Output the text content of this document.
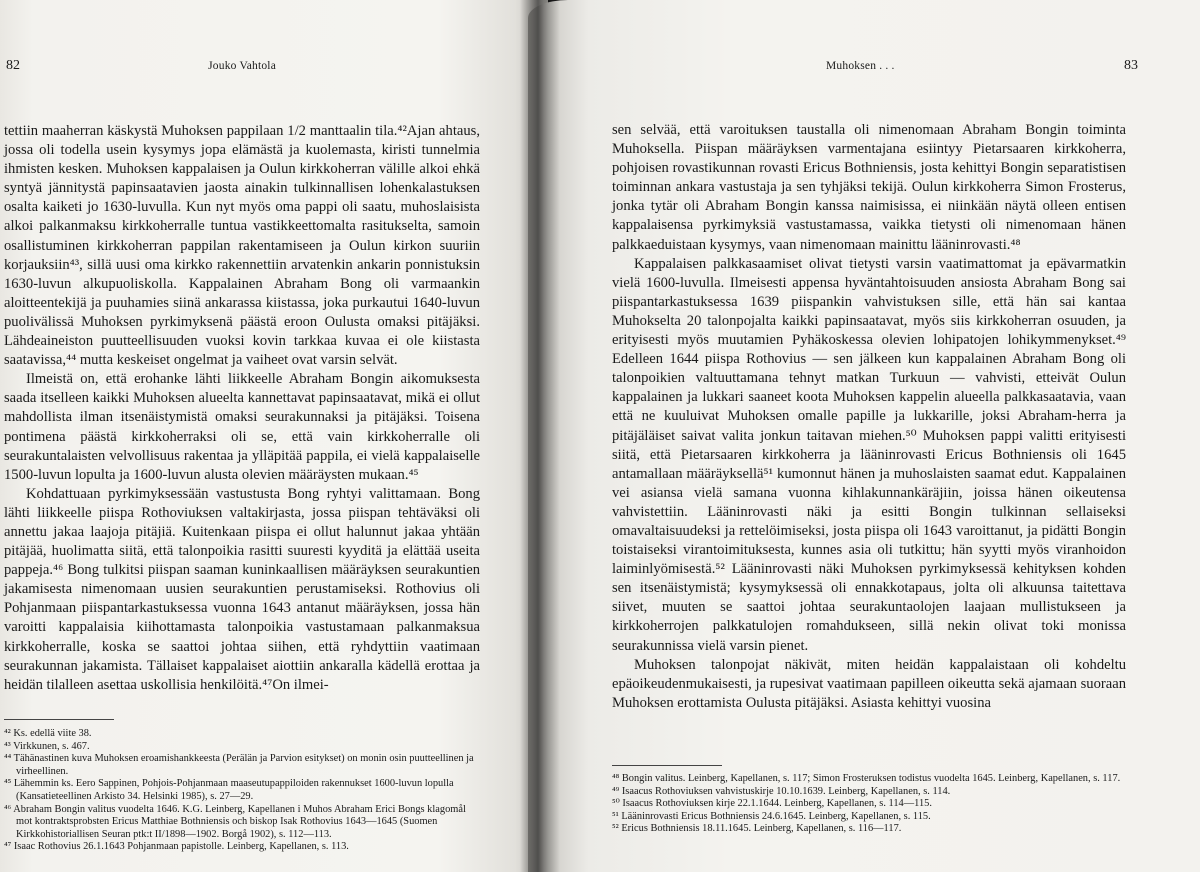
82	Jouko Vahtola

tettiin maaherran käskystä Muhoksen pappilaan 1/2 manttaalin tila.⁴²Ajan ahtaus, jossa oli todella usein kysymys jopa elämästä ja kuolemasta, kiristi tunnelmia ihmisten kesken. Muhoksen kappalaisen ja Oulun kirkkoherran välille alkoi ehkä syntyä jännitystä papinsaatavien jaosta ainakin tulkinnallisen lohenkalastuksen osalta kaiketi jo 1630-luvulla. Kun nyt myös oma pappi oli saatu, muhoslaisista alkoi palkanmaksu kirkkoherralle tuntua vastikkeettomalta rasitukselta, samoin osallistuminen kirkkoherran pappilan rakentamiseen ja Oulun kirkon suuriin korjauksiin⁴³, sillä uusi oma kirkko rakennettiin arvatenkin ankarin ponnistuksin 1630-luvun alkupuoliskolla. Kappalainen Abraham Bong oli varmaankin aloitteentekijä ja puuhamies siinä ankarassa kiistassa, joka purkautui 1640-luvun puolivälissä Muhoksen pyrkimyksenä päästä eroon Oulusta omaksi pitäjäksi. Lähdeaineiston puutteellisuuden vuoksi kovin tarkkaa kuvaa ei ole kiistasta saatavissa,⁴⁴ mutta keskeiset ongelmat ja vaiheet ovat varsin selvät.

Ilmeistä on, että erohanke lähti liikkeelle Abraham Bongin aikomuksesta saada itselleen kaikki Muhoksen alueelta kannettavat papinsaatavat, mikä ei ollut mahdollista ilman itsenäistymistä omaksi seurakunnaksi ja pitäjäksi. Toisena pontimena päästä kirkkoherraksi oli se, että vain kirkkoherralle oli seurakuntalaisten velvollisuus rakentaa ja ylläpitää pappila, ei vielä kappalaiselle 1500-luvun lopulta ja 1600-luvun alusta olevien määräysten mukaan.⁴⁵

Kohdattuaan pyrkimyksessään vastustusta Bong ryhtyi valittamaan. Bong lähti liikkeelle piispa Rothoviuksen valtakirjasta, jossa piispan tehtäväksi oli annettu jakaa laajoja pitäjiä. Kuitenkaan piispa ei ollut halunnut jakaa yhtään pitäjää, huolimatta siitä, että talonpoikia rasitti suuresti kyyditä ja elättää useita pappeja.⁴⁶ Bong tulkitsi piispan saaman kuninkaallisen määräyksen seurakuntien jakamisesta nimenomaan uusien seurakuntien perustamiseksi. Rothovius oli Pohjanmaan piispantarkastuksessa vuonna 1643 antanut määräyksen, jossa hän varoitti kappalaisia kiihottamasta talonpoikia vastustamaan palkanmaksua kirkkoherralle, koska se saattoi johtaa siihen, että ryhdyttiin vaatimaan seurakunnan jakamista. Tällaiset kappalaiset aiottiin ankaralla kädellä erottaa ja heidän tilalleen asettaa uskollisia henkilöitä.⁴⁷On ilmei-

⁴² Ks. edellä viite 38.

⁴³ Virkkunen, s. 467.

⁴⁴ Tähänastinen kuva Muhoksen eroamishankkeesta (Perälän ja Parvion esitykset) on monin osin puutteellinen ja virheellinen.

⁴⁵ Lähemmin ks. Eero Sappinen, Pohjois-Pohjanmaan maaseutupappiloiden rakennukset 1600-luvun lopulla (Kansatieteellinen Arkisto 34. Helsinki 1985), s. 27—29.

⁴⁶ Abraham Bongin valitus vuodelta 1646. K.G. Leinberg, Kapellanen i Muhos Abraham Erici Bongs klagomål mot kontraktsprobsten Ericus Matthiae Bothniensis och biskop Isak Rothovius 1643—1645 (Suomen Kirkkohistoriallisen Seuran ptk:t II/1898—1902. Borgå 1902), s. 112—113.

⁴⁷ Isaac Rothovius 26.1.1643 Pohjanmaan papistolle. Leinberg, Kapellanen, s. 113.

Muhoksen . . .	83

sen selvää, että varoituksen taustalla oli nimenomaan Abraham Bongin toiminta Muhoksella. Piispan määräyksen varmentajana esiintyy Pietarsaaren kirkkoherra, pohjoisen rovastikunnan rovasti Ericus Bothniensis, josta kehittyi Bongin separatistisen toiminnan ankara vastustaja ja sen tyhjäksi tekijä. Oulun kirkkoherra Simon Frosterus, jonka tytär oli Abraham Bongin kanssa naimisissa, ei niinkään näytä olleen entisen kappalaisensa pyrkimyksiä vastustamassa, vaikka tietysti oli nimenomaan hänen palkkaeduistaan kysymys, vaan nimenomaan mainittu lääninrovasti.⁴⁸

Kappalaisen palkkasaamiset olivat tietysti varsin vaatimattomat ja epävarmatkin vielä 1600-luvulla. Ilmeisesti appensa hyväntahtoisuuden ansiosta Abraham Bong sai piispantarkastuksessa 1639 piispankin vahvistuksen sille, että hän sai kantaa Muhokselta 20 talonpojalta kaikki papinsaatavat, myös siis kirkkoherran osuuden, ja erityisesti myös muutamien Pyhäkoskessa olevien lohipatojen lohikymmenykset.⁴⁹ Edelleen 1644 piispa Rothovius — sen jälkeen kun kappalainen Abraham Bong oli talonpoikien valtuuttamana tehnyt matkan Turkuun — vahvisti, etteivät Oulun kappalainen ja lukkari saaneet koota Muhoksen kappelin alueella palkkasaatavia, vaan että ne kuuluivat Muhoksen omalle papille ja lukkarille, joksi Abraham-herra ja pitäjäläiset saivat valita jonkun taitavan miehen.⁵⁰ Muhoksen pappi valitti erityisesti siitä, että Pietarsaaren kirkkoherra ja lääninrovasti Ericus Bothniensis oli 1645 antamallaan määräyksellä⁵¹ kumonnut hänen ja muhoslaisten saamat edut. Kappalainen vei asiansa vielä samana vuonna kihlakunnankäräjiin, joissa hänen oikeutensa vahvistettiin. Lääninrovasti näki ja esitti Bongin tulkinnan sellaiseksi omavaltaisuudeksi ja rettelöimiseksi, josta piispa oli 1643 varoittanut, ja pidätti Bongin toistaiseksi virantoimituksesta, kunnes asia oli tutkittu; hän syytti myös viranhoidon laiminlyömisestä.⁵² Lääninrovasti näki Muhoksen pyrkimyksessä kehityksen kohden sen itsenäistymistä; kysymyksessä oli ennakkotapaus, jolta oli alkuunsa taitettava siivet, muuten se saattoi johtaa seurakuntaolojen laajaan mullistukseen ja kirkkoherrojen palkkatulojen romahdukseen, sillä nekin olivat toki monissa seurakunnissa vielä varsin pienet.

Muhoksen talonpojat näkivät, miten heidän kappalaistaan oli kohdeltu epäoikeudenmukaisesti, ja rupesivat vaatimaan papilleen oikeutta sekä ajamaan suoraan Muhoksen erottamista Oulusta pitäjäksi. Asiasta kehittyi vuosina

⁴⁸ Bongin valitus. Leinberg, Kapellanen, s. 117; Simon Frosteruksen todistus vuodelta 1645. Leinberg, Kapellanen, s. 117.

⁴⁹ Isaacus Rothoviuksen vahvistuskirje 10.10.1639. Leinberg, Kapellanen, s. 114.

⁵⁰ Isaacus Rothoviuksen kirje 22.1.1644. Leinberg, Kapellanen, s. 114—115.

⁵¹ Lääninrovasti Ericus Bothniensis 24.6.1645. Leinberg, Kapellanen, s. 115.

⁵² Ericus Bothniensis 18.11.1645. Leinberg, Kapellanen, s. 116—117.
